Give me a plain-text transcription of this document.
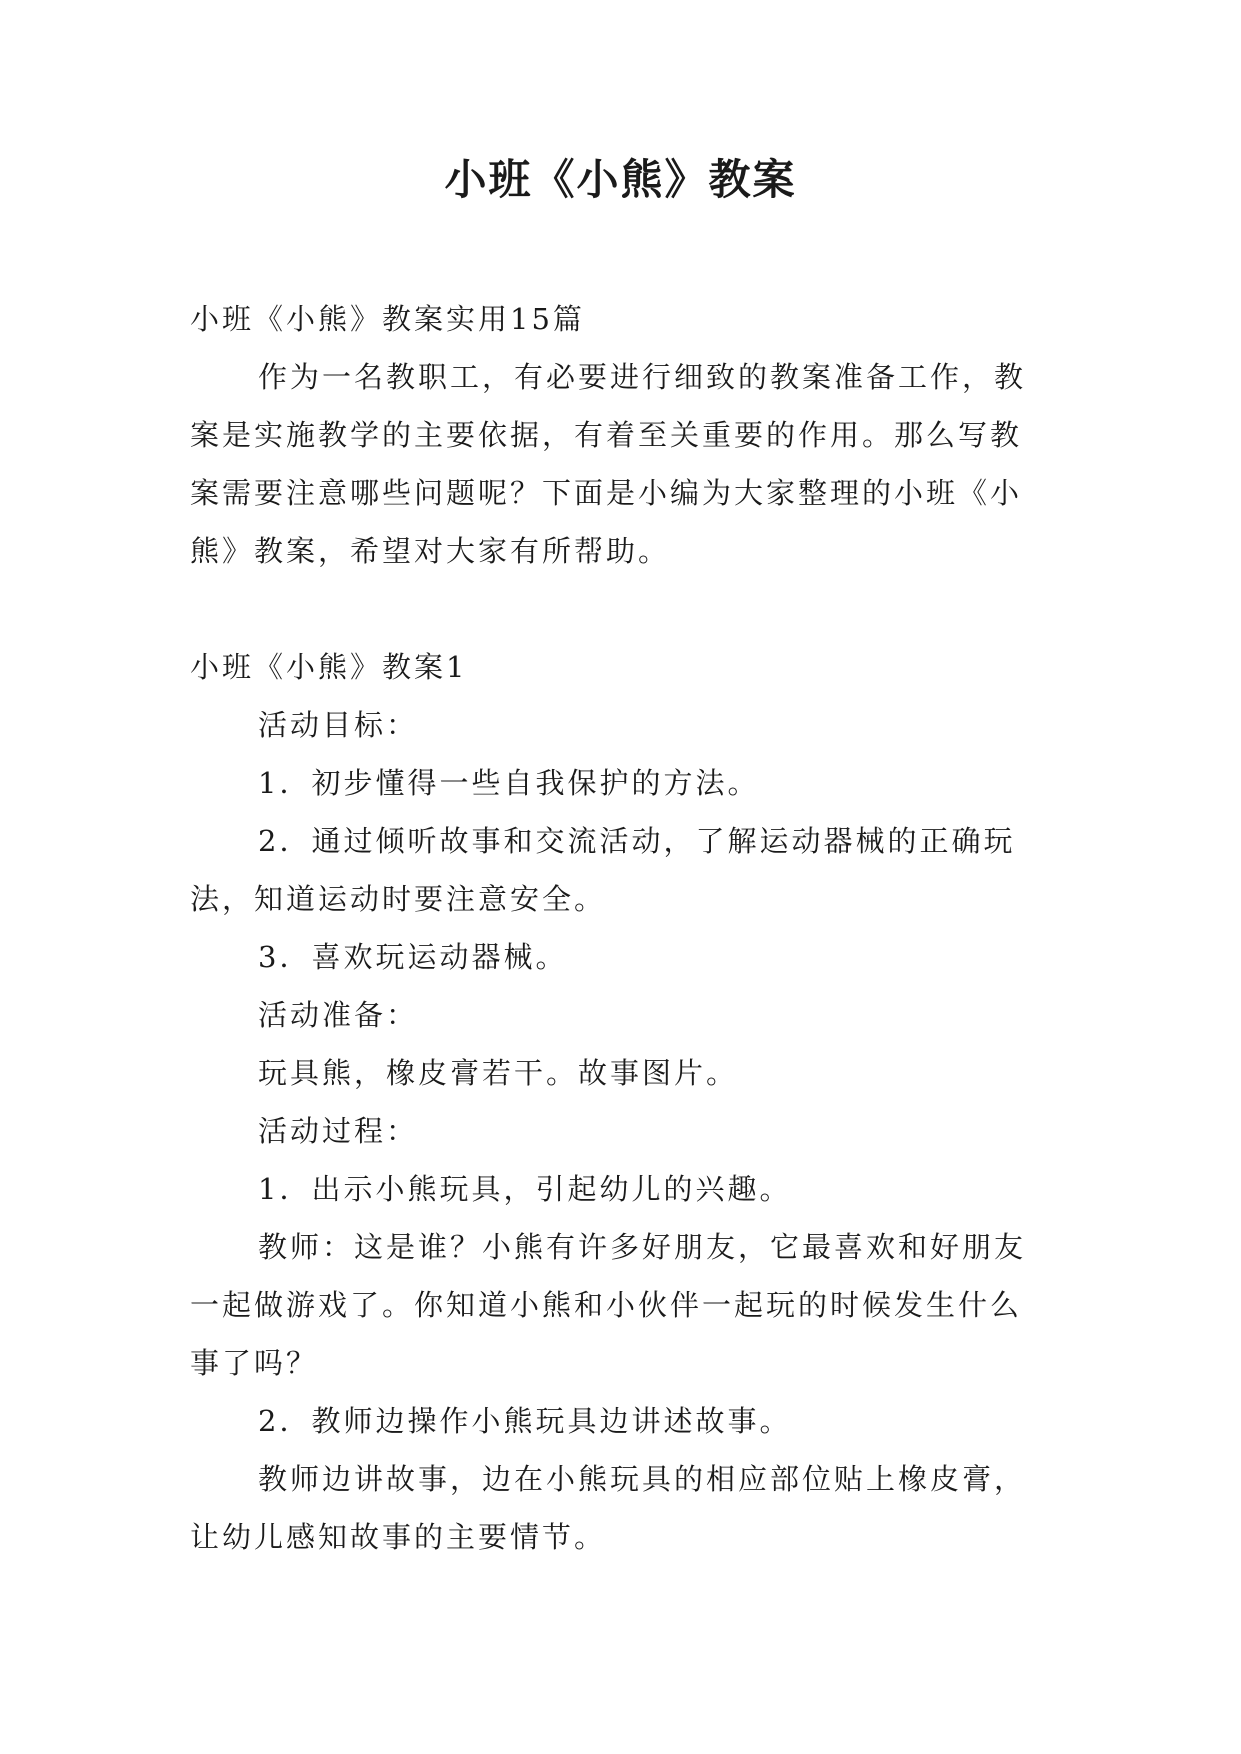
小班《小熊》教案

小班《小熊》教案实用15篇

作为一名教职工，有必要进行细致的教案准备工作，教案是实施教学的主要依据，有着至关重要的作用。那么写教案需要注意哪些问题呢？下面是小编为大家整理的小班《小熊》教案，希望对大家有所帮助。

小班《小熊》教案1

活动目标：

1．初步懂得一些自我保护的方法。

2．通过倾听故事和交流活动，了解运动器械的正确玩法，知道运动时要注意安全。

3．喜欢玩运动器械。

活动准备：

玩具熊，橡皮膏若干。故事图片。

活动过程：

1．出示小熊玩具，引起幼儿的兴趣。

教师：这是谁？小熊有许多好朋友，它最喜欢和好朋友一起做游戏了。你知道小熊和小伙伴一起玩的时候发生什么事了吗？

2．教师边操作小熊玩具边讲述故事。

教师边讲故事，边在小熊玩具的相应部位贴上橡皮膏，让幼儿感知故事的主要情节。
